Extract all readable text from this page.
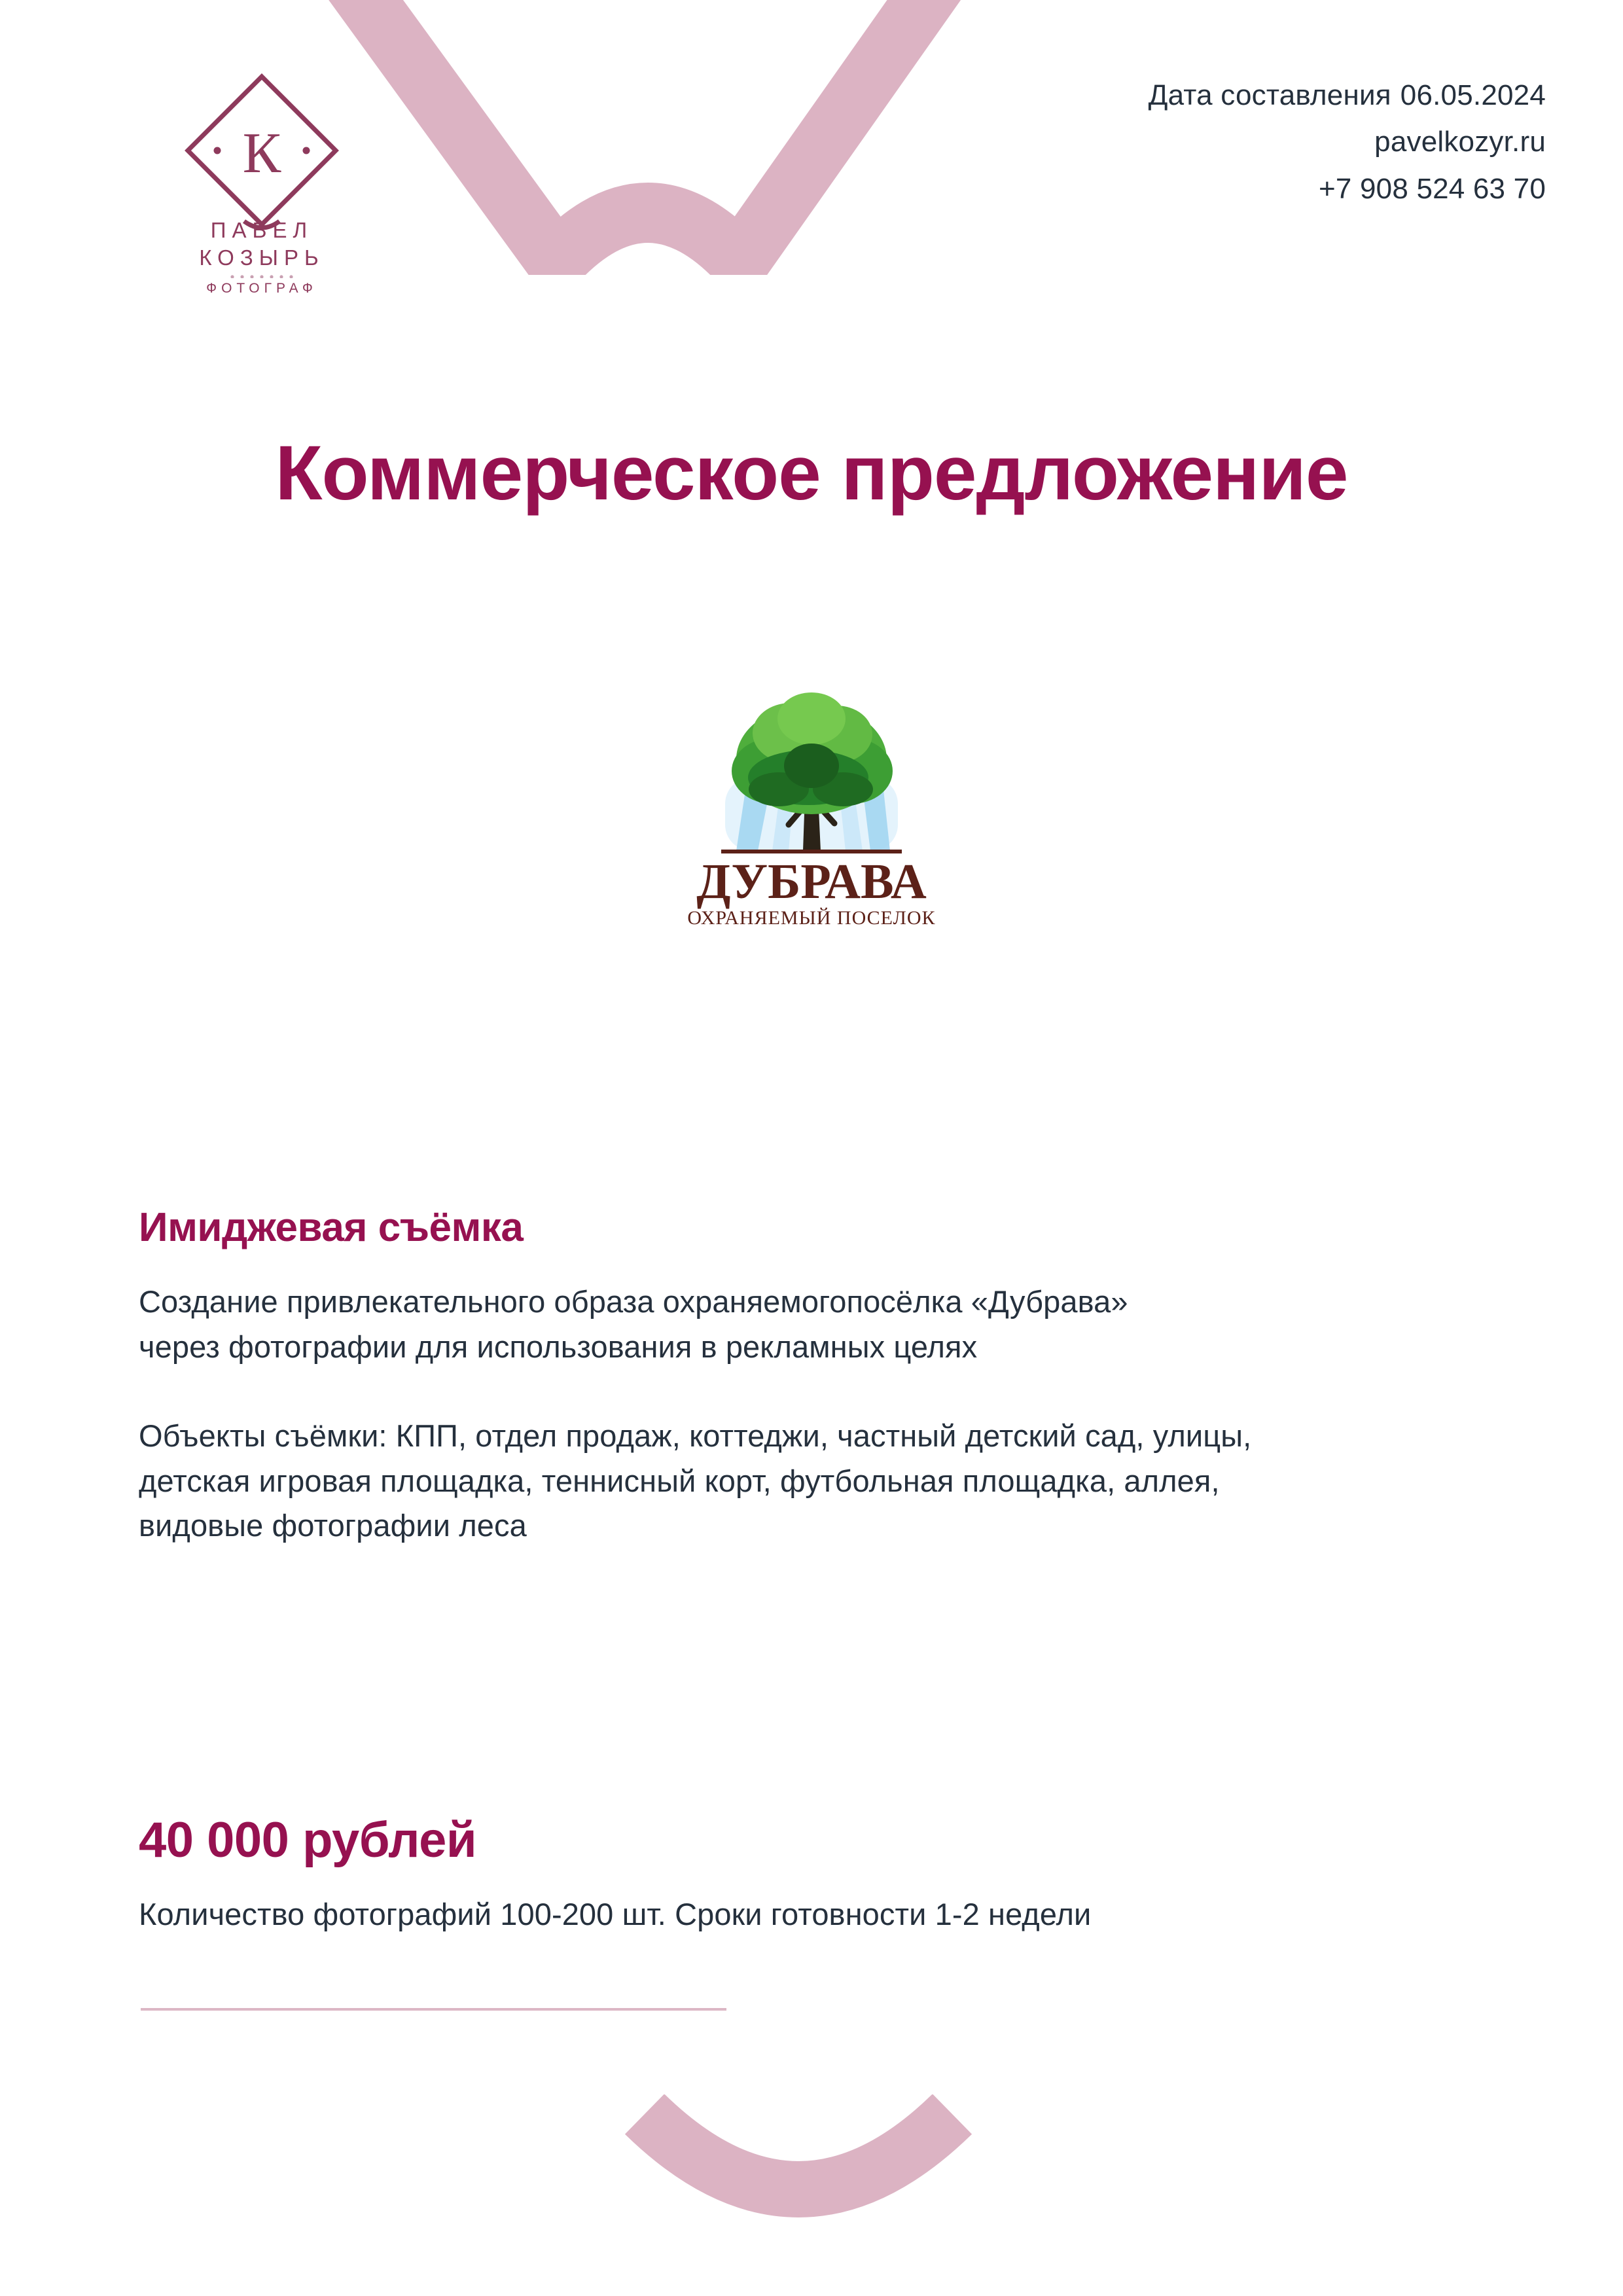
К
ПАВЕЛ
КОЗЫРЬ
ФОТОГРАФ
Дата составления 06.05.2024
pavelkozyr.ru
+7 908 524 63 70
Коммерческое предложение
ДУБРАВА
ОХРАНЯЕМЫЙ ПОСЕЛОК
Имиджевая съёмка

Создание привлекательного образа охраняемогопосёлка «Дубрава»
через фотографии для использования в рекламных целях

Объекты съёмки: КПП, отдел продаж, коттеджи, частный детский сад, улицы,
детская игровая площадка, теннисный корт, футбольная площадка, аллея,
видовые фотографии леса

40 000 рублей
Количество фотографий 100-200 шт. Сроки готовности 1-2 недели
